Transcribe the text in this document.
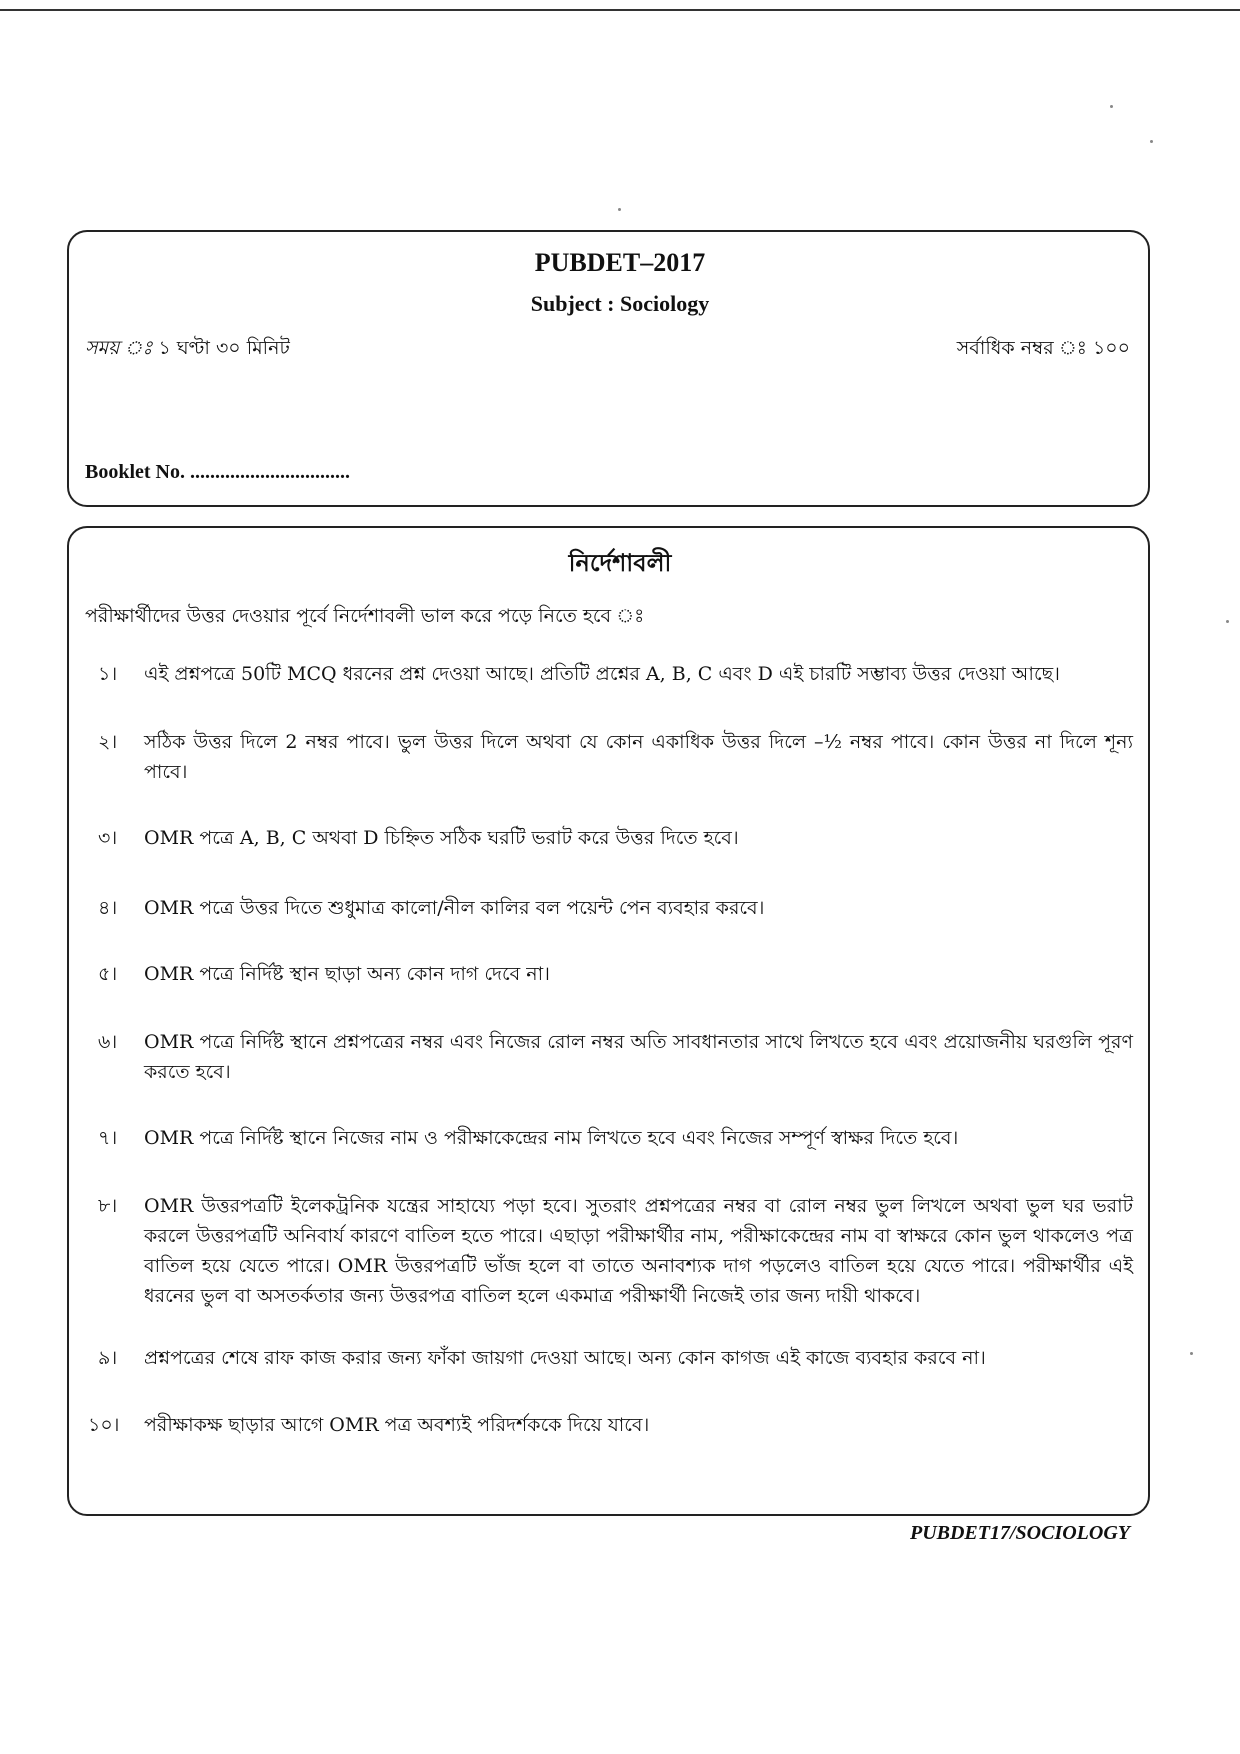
PUBDET–2017
Subject : Sociology
সময় ঃ ১ ঘণ্টা ৩০ মিনিট	সর্বাধিক নম্বর ঃ ১০০
Booklet No. ................................
নির্দেশাবলী
পরীক্ষার্থীদের উত্তর দেওয়ার পূর্বে নির্দেশাবলী ভাল করে পড়ে নিতে হবে ঃ
১।	এই প্রশ্নপত্রে 50টি MCQ ধরনের প্রশ্ন দেওয়া আছে। প্রতিটি প্রশ্নের A, B, C এবং D এই চারটি সম্ভাব্য উত্তর দেওয়া আছে।
২।	সঠিক উত্তর দিলে 2 নম্বর পাবে। ভুল উত্তর দিলে অথবা যে কোন একাধিক উত্তর দিলে –½ নম্বর পাবে। কোন উত্তর না দিলে শূন্য পাবে।
৩।	OMR পত্রে A, B, C অথবা D চিহ্নিত সঠিক ঘরটি ভরাট করে উত্তর দিতে হবে।
৪।	OMR পত্রে উত্তর দিতে শুধুমাত্র কালো/নীল কালির বল পয়েন্ট পেন ব্যবহার করবে।
৫।	OMR পত্রে নির্দিষ্ট স্থান ছাড়া অন্য কোন দাগ দেবে না।
৬।	OMR পত্রে নির্দিষ্ট স্থানে প্রশ্নপত্রের নম্বর এবং নিজের রোল নম্বর অতি সাবধানতার সাথে লিখতে হবে এবং প্রয়োজনীয় ঘরগুলি পূরণ করতে হবে।
৭।	OMR পত্রে নির্দিষ্ট স্থানে নিজের নাম ও পরীক্ষাকেন্দ্রের নাম লিখতে হবে এবং নিজের সম্পূর্ণ স্বাক্ষর দিতে হবে।
৮।	OMR উত্তরপত্রটি ইলেকট্রনিক যন্ত্রের সাহায্যে পড়া হবে। সুতরাং প্রশ্নপত্রের নম্বর বা রোল নম্বর ভুল লিখলে অথবা ভুল ঘর ভরাট করলে উত্তরপত্রটি অনিবার্য কারণে বাতিল হতে পারে। এছাড়া পরীক্ষার্থীর নাম, পরীক্ষাকেন্দ্রের নাম বা স্বাক্ষরে কোন ভুল থাকলেও পত্র বাতিল হয়ে যেতে পারে। OMR উত্তরপত্রটি ভাঁজ হলে বা তাতে অনাবশ্যক দাগ পড়লেও বাতিল হয়ে যেতে পারে। পরীক্ষার্থীর এই ধরনের ভুল বা অসতর্কতার জন্য উত্তরপত্র বাতিল হলে একমাত্র পরীক্ষার্থী নিজেই তার জন্য দায়ী থাকবে।
৯।	প্রশ্নপত্রের শেষে রাফ কাজ করার জন্য ফাঁকা জায়গা দেওয়া আছে। অন্য কোন কাগজ এই কাজে ব্যবহার করবে না।
১০।	পরীক্ষাকক্ষ ছাড়ার আগে OMR পত্র অবশ্যই পরিদর্শককে দিয়ে যাবে।
PUBDET17/SOCIOLOGY
